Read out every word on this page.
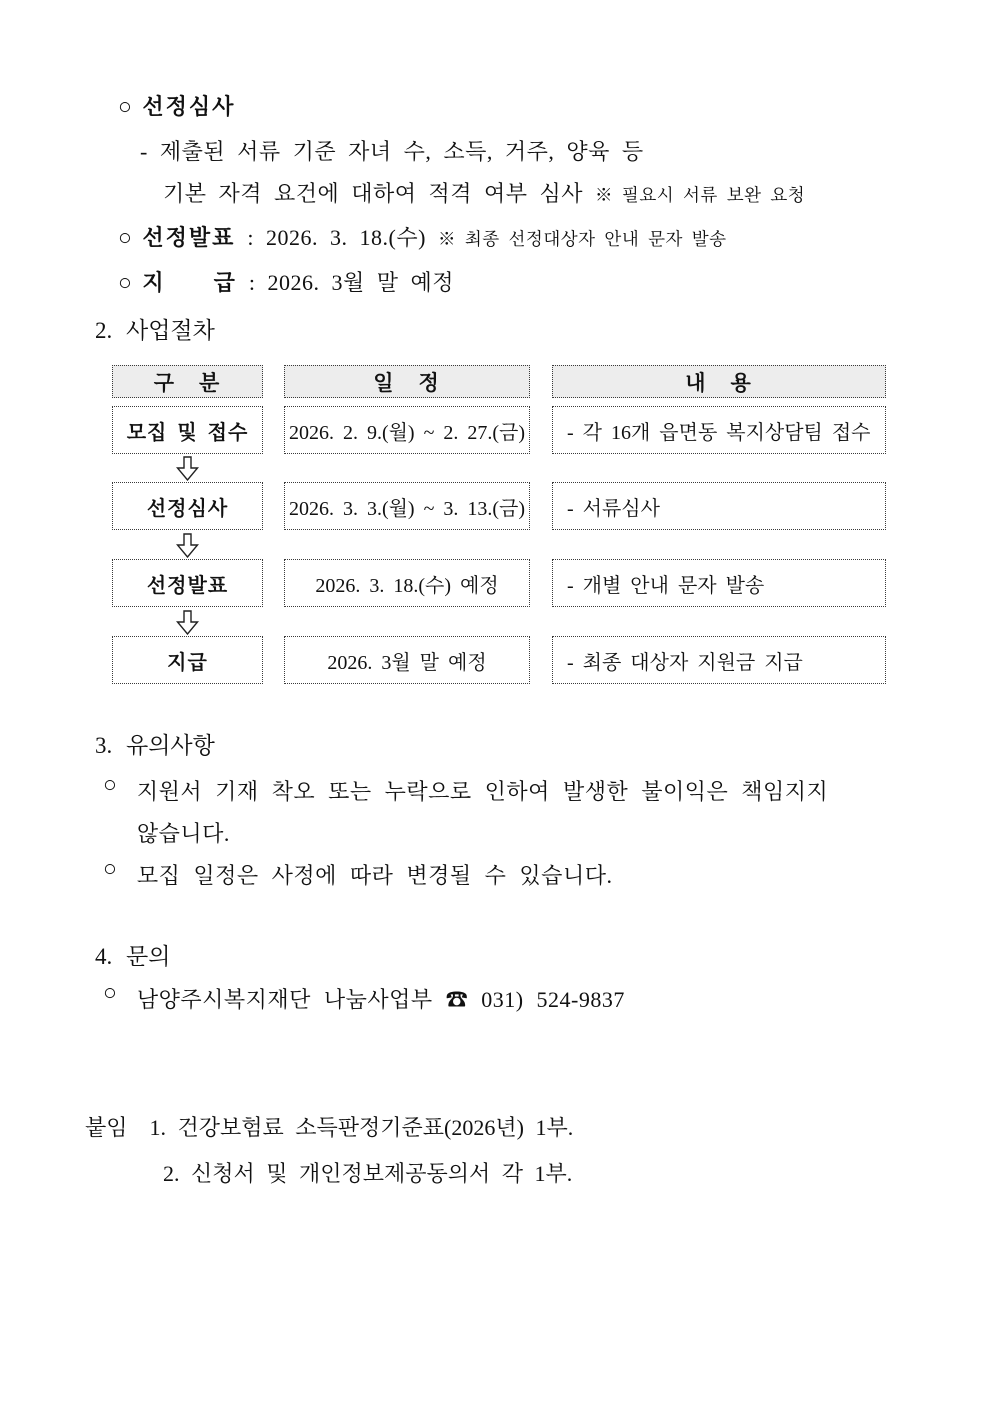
○ 선정심사
- 제출된 서류 기준 자녀 수, 소득, 거주, 양육 등
기본 자격 요건에 대하여 적격 여부 심사 ※ 필요시 서류 보완 요청
○ 선정발표 : 2026. 3. 18.(수) ※ 최종 선정대상자 안내 문자 발송
○ 지　　급 : 2026. 3월 말 예정
2. 사업절차
구　분	일　정	내　용
모집 및 접수	2026. 2. 9.(월) ~ 2. 27.(금)	- 각 16개 읍면동 복지상담팀 접수
선정심사	2026. 3. 3.(월) ~ 3. 13.(금)	- 서류심사
선정발표	2026. 3. 18.(수) 예정	- 개별 안내 문자 발송
지급	2026. 3월 말 예정	- 최종 대상자 지원금 지급
3. 유의사항
○ 지원서 기재 착오 또는 누락으로 인하여 발생한 불이익은 책임지지
않습니다.
○ 모집 일정은 사정에 따라 변경될 수 있습니다.
4. 문의
○ 남양주시복지재단 나눔사업부 ☎ 031) 524-9837
붙임 1. 건강보험료 소득판정기준표(2026년) 1부.
2. 신청서 및 개인정보제공동의서 각 1부.
